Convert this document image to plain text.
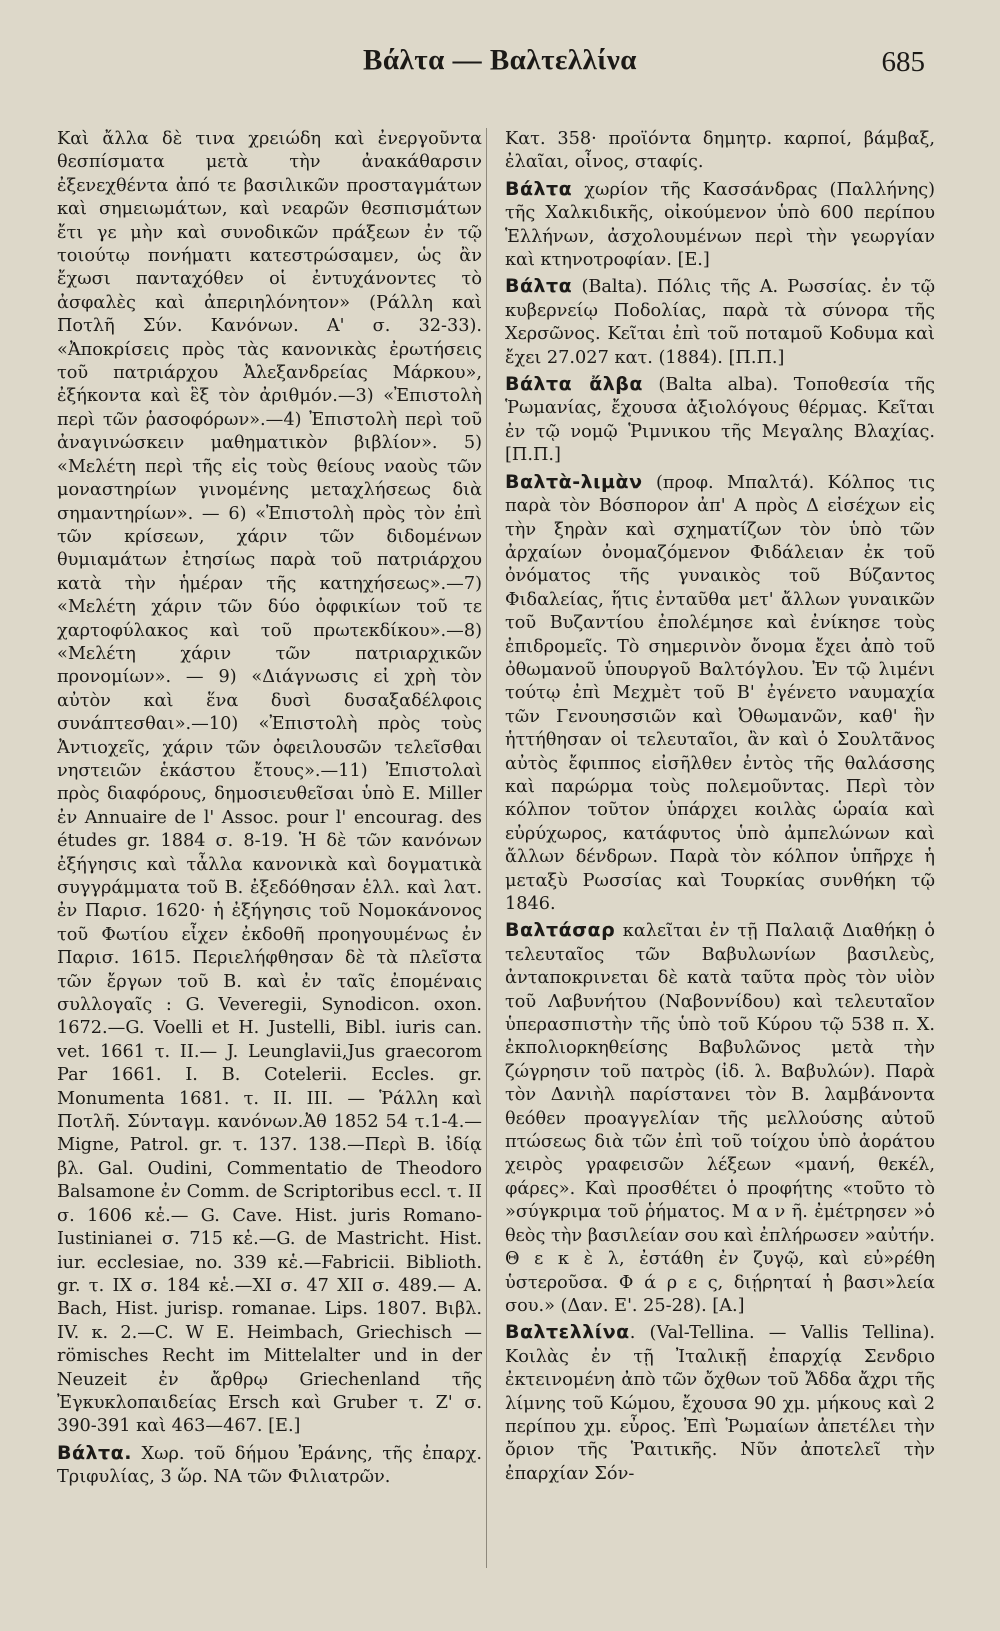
Βάλτα — Βαλτελλίνα	685

Καὶ ἄλλα δὲ τινα χρειώδη καὶ ἐνεργοῦντα θεσπίσματα μετὰ τὴν ἀνακάθαρσιν ἐξενεχθέντα ἀπό τε βασιλικῶν προσταγμάτων καὶ σημειωμάτων, καὶ νεαρῶν θεσπισμάτων ἔτι γε μὴν καὶ συνοδικῶν πράξεων ἐν τῷ τοιούτῳ πονήματι κατεστρώσαμεν, ὡς ἂν ἔχωσι πανταχόθεν οἱ ἐντυχάνοντες τὸ ἀσφαλὲς καὶ ἀπεριηλόνητον» (Ράλλη καὶ Ποτλῆ Σύν. Κανόνων. Α' σ. 32-33). «Ἀποκρίσεις πρὸς τὰς κανονικὰς ἐρωτήσεις τοῦ πατριάρχου Ἀλεξανδρείας Μάρκου», ἐξήκοντα καὶ ἓξ τὸν ἀριθμόν.—3) «Ἐπιστολὴ περὶ τῶν ῥασοφόρων».—4) Ἐπιστολὴ περὶ τοῦ ἀναγινώσκειν μαθηματικὸν βιβλίον». 5) «Μελέτη περὶ τῆς εἰς τοὺς θείους ναοὺς τῶν μοναστηρίων γινομένης μεταχλήσεως διὰ σημαντηρίων». — 6) «Ἐπιστολὴ πρὸς τὸν ἐπὶ τῶν κρίσεων, χάριν τῶν διδομένων θυμιαμάτων ἐτησίως παρὰ τοῦ πατριάρχου κατὰ τὴν ἡμέραν τῆς κατηχήσεως».—7) «Μελέτη χάριν τῶν δύο ὀφφικίων τοῦ τε χαρτοφύλακος καὶ τοῦ πρωτεκδίκου».—8) «Μελέτη χάριν τῶν πατριαρχικῶν προνομίων». — 9) «Διάγνωσις εἰ χρὴ τὸν αὐτὸν καὶ ἕνα δυσὶ δυσαξαδέλφοις συνάπτεσθαι».—10) «Ἐπιστολὴ πρὸς τοὺς Ἀντιοχεῖς, χάριν τῶν ὀφειλουσῶν τελεῖσθαι νηστειῶν ἑκάστου ἔτους».—11) Ἐπιστολαὶ πρὸς διαφόρους, δημοσιευθεῖσαι ὑπὸ E. Miller ἐν Annuaire de l' Assoc. pour l' encourag. des études gr. 1884 σ. 8-19. Ἡ δὲ τῶν κανόνων ἐξήγησις καὶ τἆλλα κανονικὰ καὶ δογματικὰ συγγράμματα τοῦ Β. ἐξεδόθησαν ἑλλ. καὶ λατ. ἐν Παρισ. 1620· ἡ ἐξήγησις τοῦ Νομοκάνονος τοῦ Φωτίου εἶχεν ἐκδοθῆ προηγουμένως ἐν Παρισ. 1615. Περιελήφθησαν δὲ τὰ πλεῖστα τῶν ἔργων τοῦ Β. καὶ ἐν ταῖς ἐπομέναις συλλογαῖς : G. Veveregii, Synodicon. oxon. 1672.—G. Voelli et H. Justelli, Bibl. iuris can. vet. 1661 τ. II.— J. Leunglavii,Jus graecorom Par 1661. I. B. Cotelerii. Eccles. gr. Monumenta 1681. τ. II. III. — Ῥάλλη καὶ Ποτλῆ. Σύνταγμ. κανόνων.Ἀθ 1852 54 τ.1-4.—Migne, Patrol. gr. τ. 137. 138.—Περὶ Β. ἰδίᾳ βλ. Gal. Oudini, Commentatio de Theodoro Balsamone ἐν Comm. de Scriptoribus eccl. τ. II σ. 1606 κἑ.— G. Cave. Hist. juris Romano-Iustinianei σ. 715 κἑ.—G. de Mastricht. Hist. iur. ecclesiae, no. 339 κἑ.—Fabricii. Biblioth. gr. τ. IX σ. 184 κἑ.—XI σ. 47 XII σ. 489.— A. Bach, Hist. jurisp. romanae. Lips. 1807. Βιβλ. IV. κ. 2.—C. W E. Heimbach, Griechisch — römisches Recht im Mittelalter und in der Neuzeit ἐν ἄρθρῳ Griechenland τῆς Ἐγκυκλοπαιδείας Ersch καὶ Gruber τ. Ζ' σ. 390-391 καὶ 463—467. [E.]

Βάλτα. Χωρ. τοῦ δήμου Ἐράνης, τῆς ἐπαρχ. Τριφυλίας, 3 ὥρ. ΝΑ τῶν Φιλιατρῶν.

Κατ. 358· προϊόντα δημητρ. καρποί, βάμβαξ, ἐλαῖαι, οἶνος, σταφίς.

Βάλτα χωρίον τῆς Κασσάνδρας (Παλλήνης) τῆς Χαλκιδικῆς, οἰκούμενον ὑπὸ 600 περίπου Ἑλλήνων, ἀσχολουμένων περὶ τὴν γεωργίαν καὶ κτηνοτροφίαν. [Ε.]

Βάλτα (Balta). Πόλις τῆς Α. Ρωσσίας. ἐν τῷ κυβερνείῳ Ποδολίας, παρὰ τὰ σύνορα τῆς Χερσῶνος. Κεῖται ἐπὶ τοῦ ποταμοῦ Κοδυμα καὶ ἔχει 27.027 κατ. (1884). [Π.Π.]

Βάλτα ἄλβα (Balta alba). Τοποθεσία τῆς Ῥωμανίας, ἔχουσα ἀξιολόγους θέρμας. Κεῖται ἐν τῷ νομῷ Ῥιμνικου τῆς Μεγαλης Βλαχίας. [Π.Π.]

Βαλτὰ-λιμὰν (προφ. Μπαλτά). Κόλπος τις παρὰ τὸν Βόσπορον ἀπ' Α πρὸς Δ εἰσέχων εἰς τὴν ξηρὰν καὶ σχηματίζων τὸν ὑπὸ τῶν ἀρχαίων ὀνομαζόμενον Φιδάλειαν ἐκ τοῦ ὀνόματος τῆς γυναικὸς τοῦ Βύζαντος Φιδαλείας, ἥτις ἐνταῦθα μετ' ἄλλων γυναικῶν τοῦ Βυζαντίου ἐπολέμησε καὶ ἐνίκησε τοὺς ἐπιδρομεῖς. Τὸ σημερινὸν ὄνομα ἔχει ἀπὸ τοῦ ὀθωμανοῦ ὑπουργοῦ Βαλτόγλου. Ἐν τῷ λιμένι τούτῳ ἐπὶ Μεχμὲτ τοῦ Β' ἐγένετο ναυμαχία τῶν Γενουησσιῶν καὶ Ὀθωμανῶν, καθ' ἣν ἡττήθησαν οἱ τελευταῖοι, ἂν καὶ ὁ Σουλτᾶνος αὐτὸς ἔφιππος εἰσῆλθεν ἐντὸς τῆς θαλάσσης καὶ παρώρμα τοὺς πολεμοῦντας. Περὶ τὸν κόλπον τοῦτον ὑπάρχει κοιλὰς ὡραία καὶ εὐρύχωρος, κατάφυτος ὑπὸ ἀμπελώνων καὶ ἄλλων δένδρων. Παρὰ τὸν κόλπον ὑπῆρχε ἡ μεταξὺ Ρωσσίας καὶ Τουρκίας συνθήκη τῷ 1846.

Βαλτάσαρ καλεῖται ἐν τῇ Παλαιᾷ Διαθήκῃ ὁ τελευταῖος τῶν Βαβυλωνίων βασιλεὺς, ἀνταποκρινεται δὲ κατὰ ταῦτα πρὸς τὸν υἱὸν τοῦ Λαβυνήτου (Ναβοννίδου) καὶ τελευταῖον ὑπερασπιστὴν τῆς ὑπὸ τοῦ Κύρου τῷ 538 π. Χ. ἐκπολιορκηθείσης Βαβυλῶνος μετὰ τὴν ζώγρησιν τοῦ πατρὸς (ἰδ. λ. Βαβυλών). Παρὰ τὸν Δανιὴλ παρίστανει τὸν Β. λαμβάνοντα θεόθεν προαγγελίαν τῆς μελλούσης αὐτοῦ πτώσεως διὰ τῶν ἐπὶ τοῦ τοίχου ὑπὸ ἀοράτου χειρὸς γραφεισῶν λέξεων «μανή, θεκέλ, φάρες». Καὶ προσθέτει ὁ προφήτης «τοῦτο τὸ »σύγκριμα τοῦ ῥήματος. Μ α ν ῆ. ἐμέτρησεν »ὁ θεὸς τὴν βασιλείαν σου καὶ ἐπλήρωσεν »αὐτήν. Θ ε κ ὲ λ, ἐστάθη ἐν ζυγῷ, καὶ εὐ»ρέθη ὑστεροῦσα. Φ ά ρ ε ς, διῄρηταί ἡ βασι»λεία σου.» (Δαν. Ε'. 25-28). [Α.]

Βαλτελλίνα. (Val-Tellina. — Vallis Tellina). Κοιλὰς ἐν τῇ Ἰταλικῇ ἐπαρχίᾳ Σενδριο ἐκτεινομένη ἀπὸ τῶν ὄχθων τοῦ Ἄδδα ἄχρι τῆς λίμνης τοῦ Κώμου, ἔχουσα 90 χμ. μήκους καὶ 2 περίπου χμ. εὖρος. Ἐπὶ Ῥωμαίων ἀπετέλει τὴν ὄριον τῆς Ῥαιτικῆς. Νῦν ἀποτελεῖ τὴν ἐπαρχίαν Σόν-
